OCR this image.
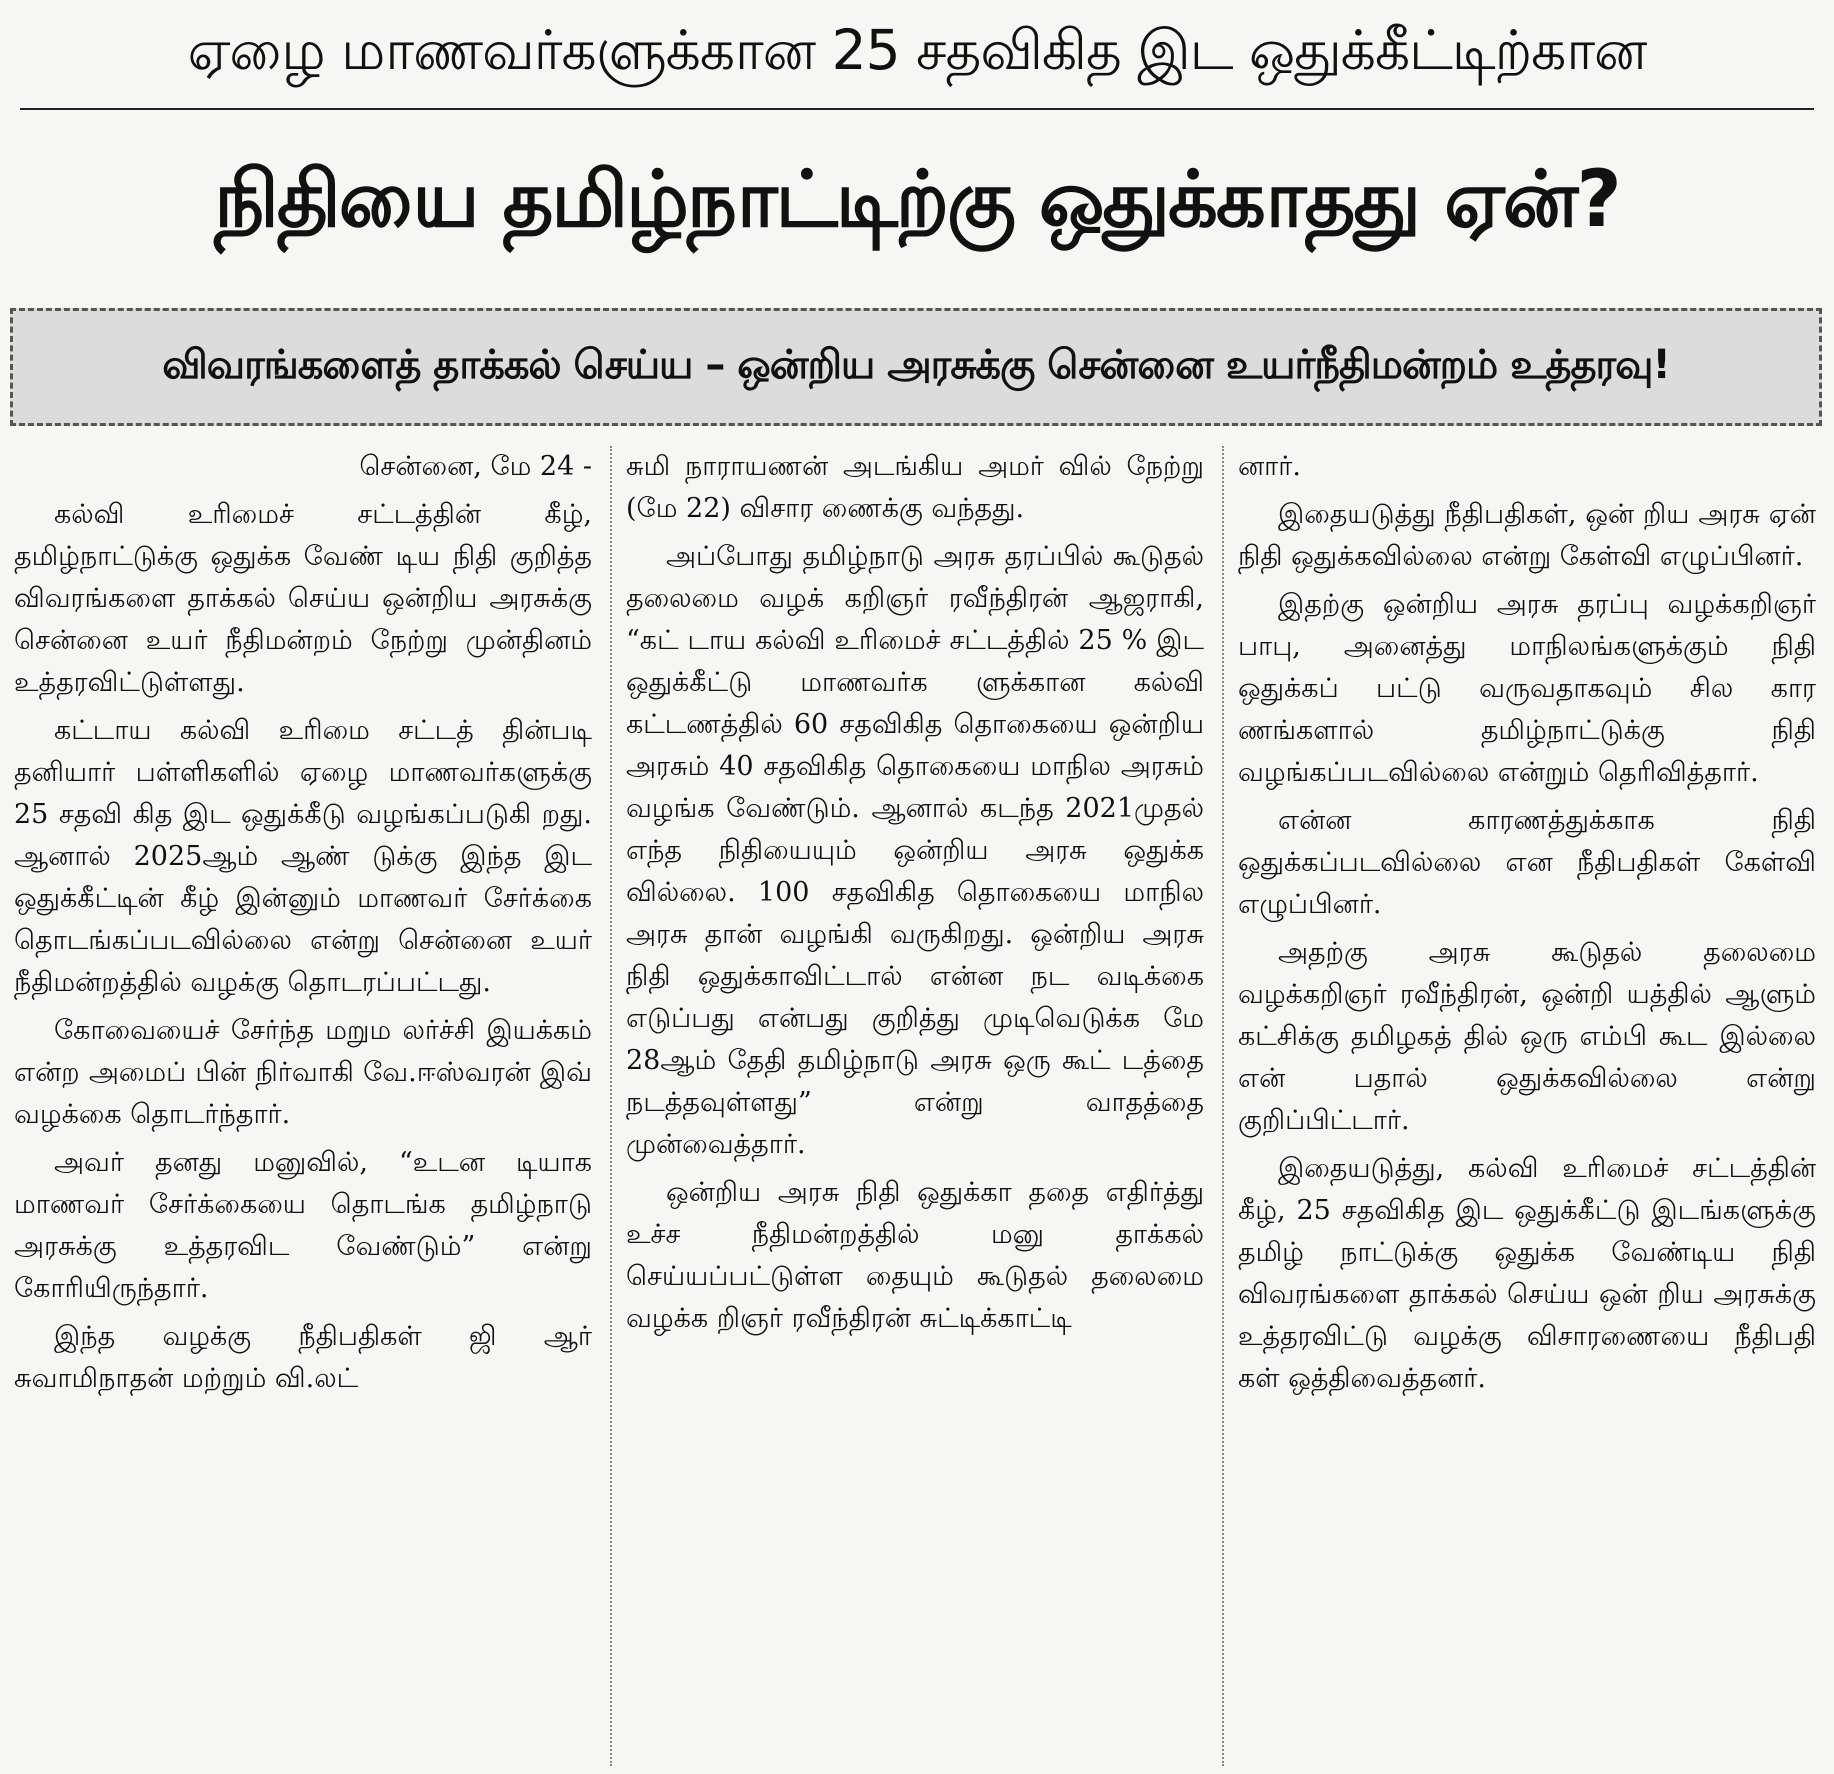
ஏழை மாணவர்களுக்கான 25 சதவிகித இட ஒதுக்கீட்டிற்கான
நிதியை தமிழ்நாட்டிற்கு ஒதுக்காதது ஏன்?
விவரங்களைத் தாக்கல் செய்ய – ஒன்றிய அரசுக்கு சென்னை உயர்நீதிமன்றம் உத்தரவு!

சென்னை, மே 24 -

கல்வி உரிமைச் சட்டத்தின் கீழ், தமிழ்நாட்டுக்கு ஒதுக்க வேண் டிய நிதி குறித்த விவரங்களை தாக்கல் செய்ய ஒன்றிய அரசுக்கு சென்னை உயர் நீதிமன்றம் நேற்று முன்தினம் உத்தரவிட்டுள்ளது.

கட்டாய கல்வி உரிமை சட்டத் தின்படி தனியார் பள்ளிகளில் ஏழை மாணவர்களுக்கு 25 சதவி கித இட ஒதுக்கீடு வழங்கப்படுகி றது. ஆனால் 2025ஆம் ஆண் டுக்கு இந்த இட ஒதுக்கீட்டின் கீழ் இன்னும் மாணவர் சேர்க்கை தொடங்கப்படவில்லை என்று சென்னை உயர் நீதிமன்றத்தில் வழக்கு தொடரப்பட்டது.

கோவையைச் சேர்ந்த மறும லர்ச்சி இயக்கம் என்ற அமைப் பின் நிர்வாகி வே.ஈஸ்வரன் இவ் வழக்கை தொடர்ந்தார்.

அவர் தனது மனுவில், “உடன டியாக மாணவர் சேர்க்கையை தொடங்க தமிழ்நாடு அரசுக்கு உத்தரவிட வேண்டும்” என்று கோரியிருந்தார்.

இந்த வழக்கு நீதிபதிகள் ஜி ஆர் சுவாமிநாதன் மற்றும் வி.லட்

சுமி நாராயணன் அடங்கிய அமர் வில் நேற்று (மே 22) விசார ணைக்கு வந்தது.

அப்போது தமிழ்நாடு அரசு தரப்பில் கூடுதல் தலைமை வழக் கறிஞர் ரவீந்திரன் ஆஜராகி, “கட் டாய கல்வி உரிமைச் சட்டத்தில் 25 % இட ஒதுக்கீட்டு மாணவர்க ளுக்கான கல்வி கட்டணத்தில் 60 சதவிகித தொகையை ஒன்றிய அரசும் 40 சதவிகித தொகையை மாநில அரசும் வழங்க வேண்டும். ஆனால் கடந்த 2021முதல் எந்த நிதியையும் ஒன்றிய அரசு ஒதுக்க வில்லை. 100 சதவிகித தொகையை மாநில அரசு தான் வழங்கி வருகிறது. ஒன்றிய அரசு நிதி ஒதுக்காவிட்டால் என்ன நட வடிக்கை எடுப்பது என்பது குறித்து முடிவெடுக்க மே 28ஆம் தேதி தமிழ்நாடு அரசு ஒரு கூட் டத்தை நடத்தவுள்ளது” என்று வாதத்தை முன்வைத்தார்.

ஒன்றிய அரசு நிதி ஒதுக்கா ததை எதிர்த்து உச்ச நீதிமன்றத்தில் மனு தாக்கல் செய்யப்பட்டுள்ள தையும் கூடுதல் தலைமை வழக்க றிஞர் ரவீந்திரன் சுட்டிக்காட்டி

னார்.

இதையடுத்து நீதிபதிகள், ஒன் றிய அரசு ஏன் நிதி ஒதுக்கவில்லை என்று கேள்வி எழுப்பினர்.

இதற்கு ஒன்றிய அரசு தரப்பு வழக்கறிஞர் பாபு, அனைத்து மாநிலங்களுக்கும் நிதி ஒதுக்கப் பட்டு வருவதாகவும் சில கார ணங்களால் தமிழ்நாட்டுக்கு நிதி வழங்கப்படவில்லை என்றும் தெரிவித்தார்.

என்ன காரணத்துக்காக நிதி ஒதுக்கப்படவில்லை என நீதிபதிகள் கேள்வி எழுப்பினர்.

அதற்கு அரசு கூடுதல் தலைமை வழக்கறிஞர் ரவீந்திரன், ஒன்றி யத்தில் ஆளும் கட்சிக்கு தமிழகத் தில் ஒரு எம்பி கூட இல்லை என் பதால் ஒதுக்கவில்லை என்று குறிப்பிட்டார்.

இதையடுத்து, கல்வி உரிமைச் சட்டத்தின் கீழ், 25 சதவிகித இட ஒதுக்கீட்டு இடங்களுக்கு தமிழ் நாட்டுக்கு ஒதுக்க வேண்டிய நிதி விவரங்களை தாக்கல் செய்ய ஒன் றிய அரசுக்கு உத்தரவிட்டு வழக்கு விசாரணையை நீதிபதி கள் ஒத்திவைத்தனர்.
